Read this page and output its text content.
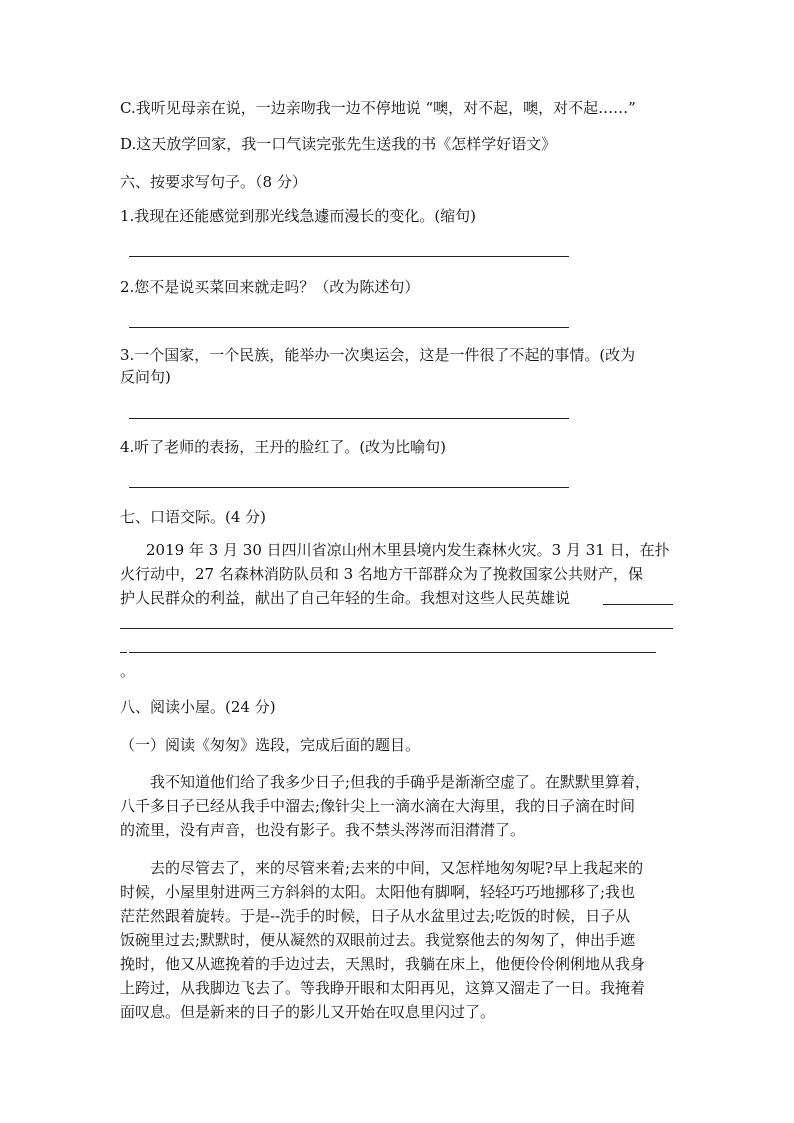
C.我听见母亲在说，一边亲吻我一边不停地说 “噢，对不起，噢，对不起……”
D.这天放学回家，我一口气读完张先生送我的书《怎样学好语文》
六、按要求写句子。（8 分）
1.我现在还能感觉到那光线急遽而漫长的变化。(缩句)
2.您不是说买菜回来就走吗？（改为陈述句）
3.一个国家，一个民族，能举办一次奥运会，这是一件很了不起的事情。(改为
反问句)
4.听了老师的表扬，王丹的脸红了。(改为比喻句)
七、口语交际。(4 分)
2019 年 3 月 30 日四川省凉山州木里县境内发生森林火灾。3 月 31 日，在扑
火行动中，27 名森林消防队员和 3 名地方干部群众为了挽救国家公共财产，保
护人民群众的利益，献出了自己年轻的生命。我想对这些人民英雄说
。
八、阅读小屋。(24 分)
（一）阅读《匆匆》选段，完成后面的题目。
我不知道他们给了我多少日子;但我的手确乎是渐渐空虚了。在默默里算着，
八千多日子已经从我手中溜去;像针尖上一滴水滴在大海里，我的日子滴在时间
的流里，没有声音，也没有影子。我不禁头涔涔而泪潸潸了。
去的尽管去了，来的尽管来着;去来的中间，又怎样地匆匆呢?早上我起来的
时候，小屋里射进两三方斜斜的太阳。太阳他有脚啊，轻轻巧巧地挪移了;我也
茫茫然跟着旋转。于是--洗手的时候，日子从水盆里过去;吃饭的时候，日子从
饭碗里过去;默默时，便从凝然的双眼前过去。我觉察他去的匆匆了，伸出手遮
挽时，他又从遮挽着的手边过去，天黑时，我躺在床上，他便伶伶俐俐地从我身
上跨过，从我脚边飞去了。等我睁开眼和太阳再见，这算又溜走了一日。我掩着
面叹息。但是新来的日子的影儿又开始在叹息里闪过了。
